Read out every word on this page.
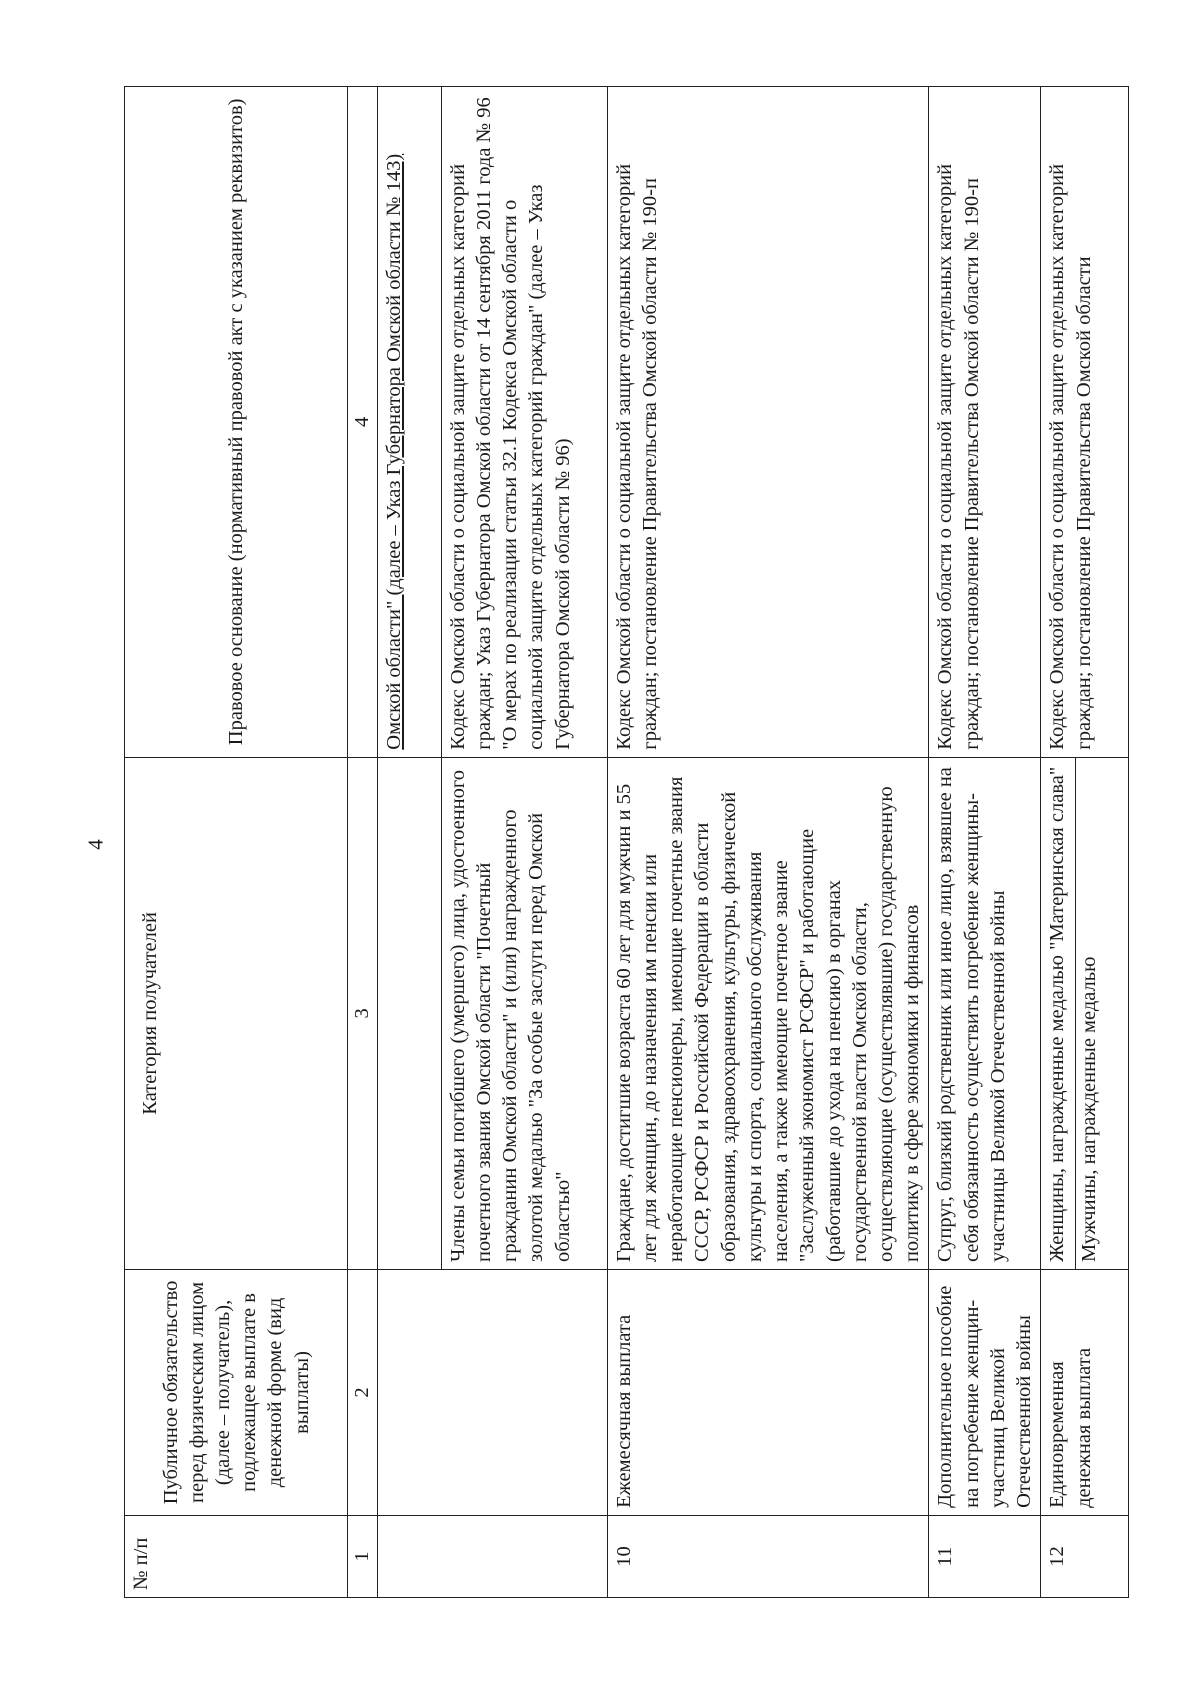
4
№ п/п	Публичное обязательство перед физическим лицом (далее – получатель), подлежащее выплате в денежной форме (вид выплаты)	Категория получателей	Правовое основание (нормативный правовой акт с указанием реквизитов)
1	2	3	4
			Омской области" (далее – Указ Губернатора Омской области № 143)
		Члены семьи погибшего (умершего) лица, удостоенного почетного звания Омской области "Почетный гражданин Омской области" и (или) награжденного золотой медалью "За особые заслуги перед Омской областью"	Кодекс Омской области о социальной защите отдельных категорий граждан; Указ Губернатора Омской области от 14 сентября 2011 года № 96 "О мерах по реализации статьи 32.1 Кодекса Омской области о социальной защите отдельных категорий граждан" (далее – Указ Губернатора Омской области № 96)
10	Ежемесячная выплата	Граждане, достигшие возраста 60 лет для мужчин и 55 лет для женщин, до назначения им пенсии или неработающие пенсионеры, имеющие почетные звания СССР, РСФСР и Российской Федерации в области образования, здравоохранения, культуры, физической культуры и спорта, социального обслуживания населения, а также имеющие почетное звание "Заслуженный экономист РСФСР" и работающие (работавшие до ухода на пенсию) в органах государственной власти Омской области, осуществляющие (осуществлявшие) государственную политику в сфере экономики и финансов	Кодекс Омской области о социальной защите отдельных категорий граждан; постановление Правительства Омской области № 190-п
11	Дополнительное пособие на погребение женщин-участниц Великой Отечественной войны	Супруг, близкий родственник или иное лицо, взявшее на себя обязанность осуществить погребение женщины-участницы Великой Отечественной войны	Кодекс Омской области о социальной защите отдельных категорий граждан; постановление Правительства Омской области № 190-п
12	Единовременная денежная выплата	Женщины, награжденные медалью "Материнская слава" Мужчины, награжденные медалью	Кодекс Омской области о социальной защите отдельных категорий граждан; постановление Правительства Омской области
